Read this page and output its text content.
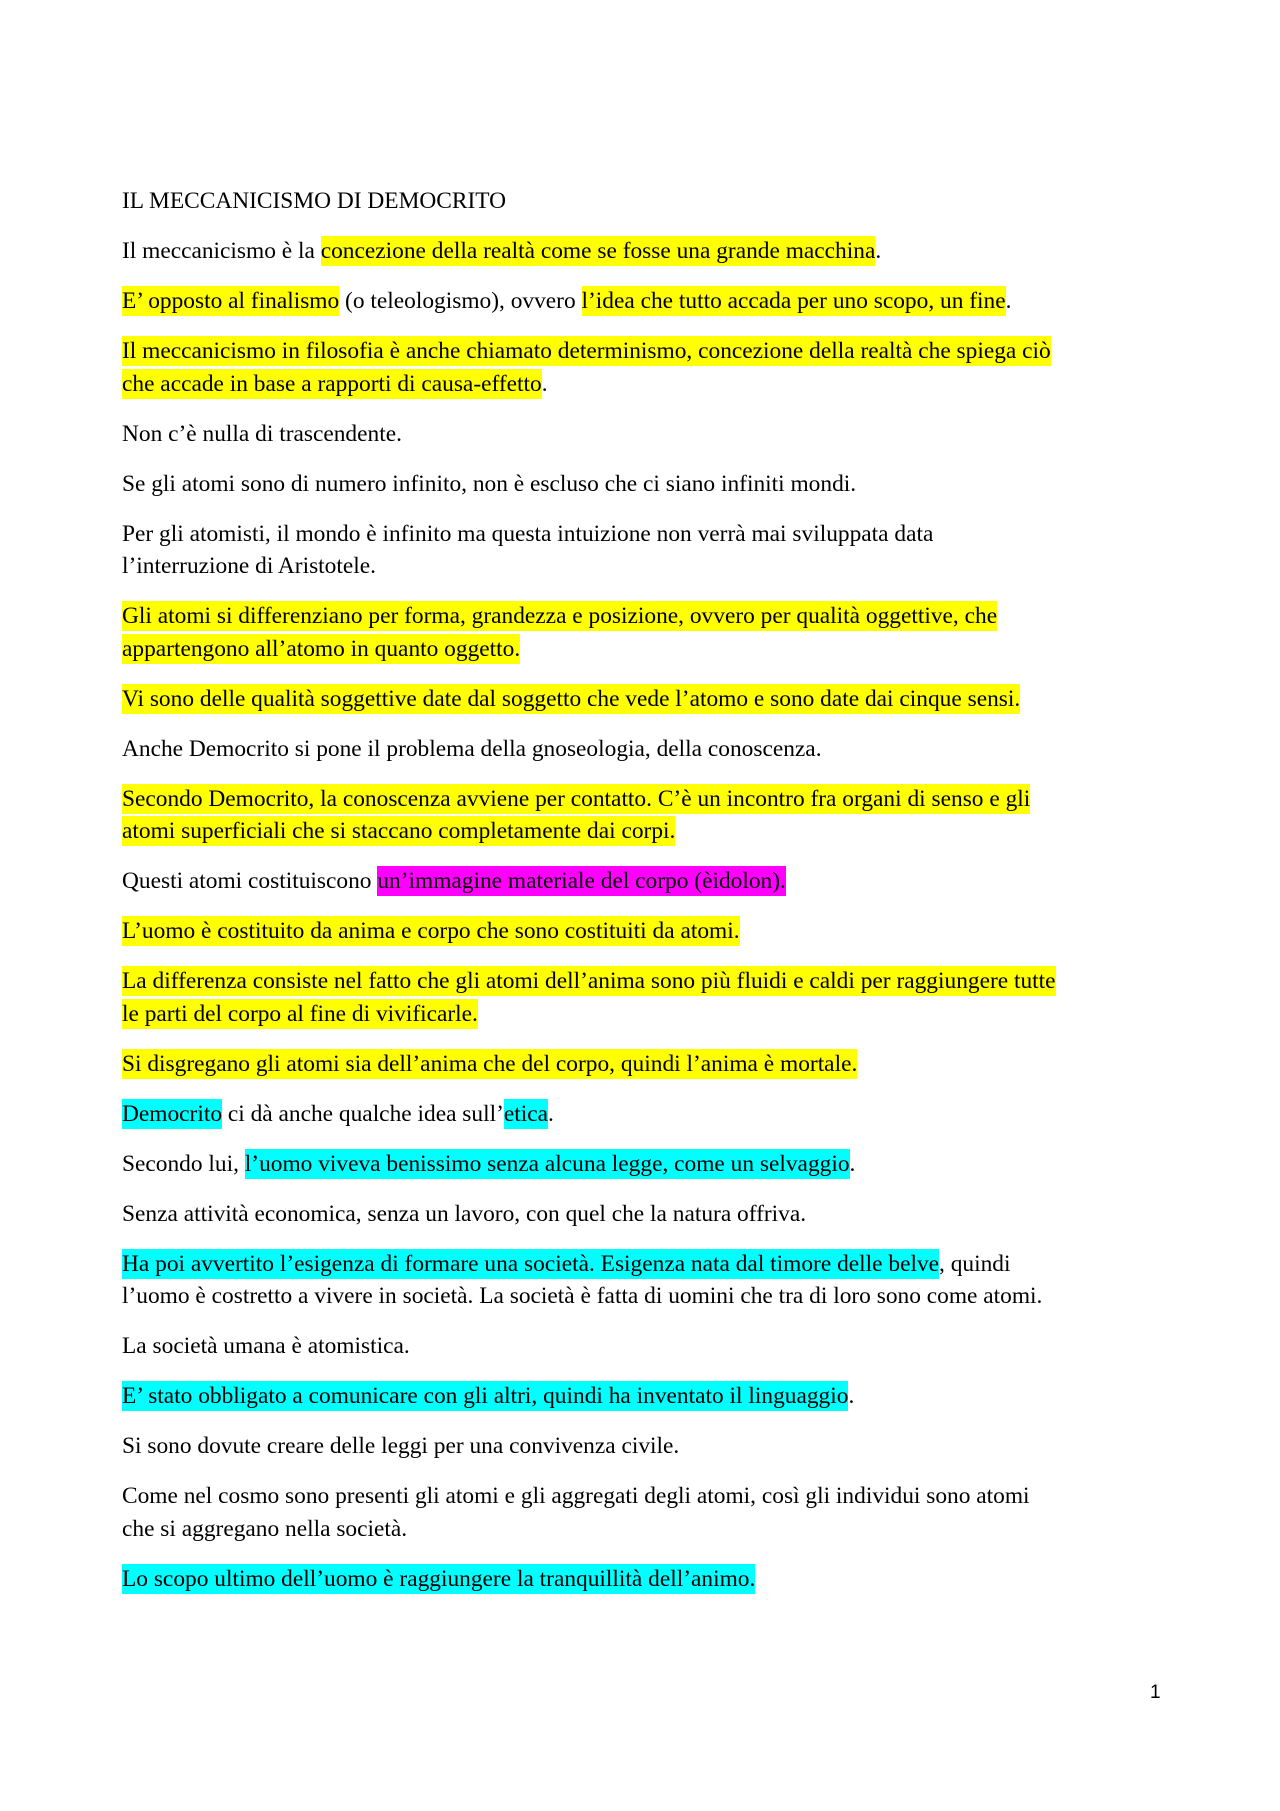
IL MECCANICISMO DI DEMOCRITO
Il meccanicismo è la concezione della realtà come se fosse una grande macchina.
E’ opposto al finalismo (o teleologismo), ovvero l’idea che tutto accada per uno scopo, un fine.
Il meccanicismo in filosofia è anche chiamato determinismo, concezione della realtà che spiega ciò
che accade in base a rapporti di causa-effetto.
Non c’è nulla di trascendente.
Se gli atomi sono di numero infinito, non è escluso che ci siano infiniti mondi.
Per gli atomisti, il mondo è infinito ma questa intuizione non verrà mai sviluppata data
l’interruzione di Aristotele.
Gli atomi si differenziano per forma, grandezza e posizione, ovvero per qualità oggettive, che
appartengono all’atomo in quanto oggetto.
Vi sono delle qualità soggettive date dal soggetto che vede l’atomo e sono date dai cinque sensi.
Anche Democrito si pone il problema della gnoseologia, della conoscenza.
Secondo Democrito, la conoscenza avviene per contatto. C’è un incontro fra organi di senso e gli
atomi superficiali che si staccano completamente dai corpi.
Questi atomi costituiscono un’immagine materiale del corpo (èidolon).
L’uomo è costituito da anima e corpo che sono costituiti da atomi.
La differenza consiste nel fatto che gli atomi dell’anima sono più fluidi e caldi per raggiungere tutte
le parti del corpo al fine di vivificarle.
Si disgregano gli atomi sia dell’anima che del corpo, quindi l’anima è mortale.
Democrito ci dà anche qualche idea sull’etica.
Secondo lui, l’uomo viveva benissimo senza alcuna legge, come un selvaggio.
Senza attività economica, senza un lavoro, con quel che la natura offriva.
Ha poi avvertito l’esigenza di formare una società. Esigenza nata dal timore delle belve, quindi
l’uomo è costretto a vivere in società. La società è fatta di uomini che tra di loro sono come atomi.
La società umana è atomistica.
E’ stato obbligato a comunicare con gli altri, quindi ha inventato il linguaggio.
Si sono dovute creare delle leggi per una convivenza civile.
Come nel cosmo sono presenti gli atomi e gli aggregati degli atomi, così gli individui sono atomi
che si aggregano nella società.
Lo scopo ultimo dell’uomo è raggiungere la tranquillità dell’animo.
1
